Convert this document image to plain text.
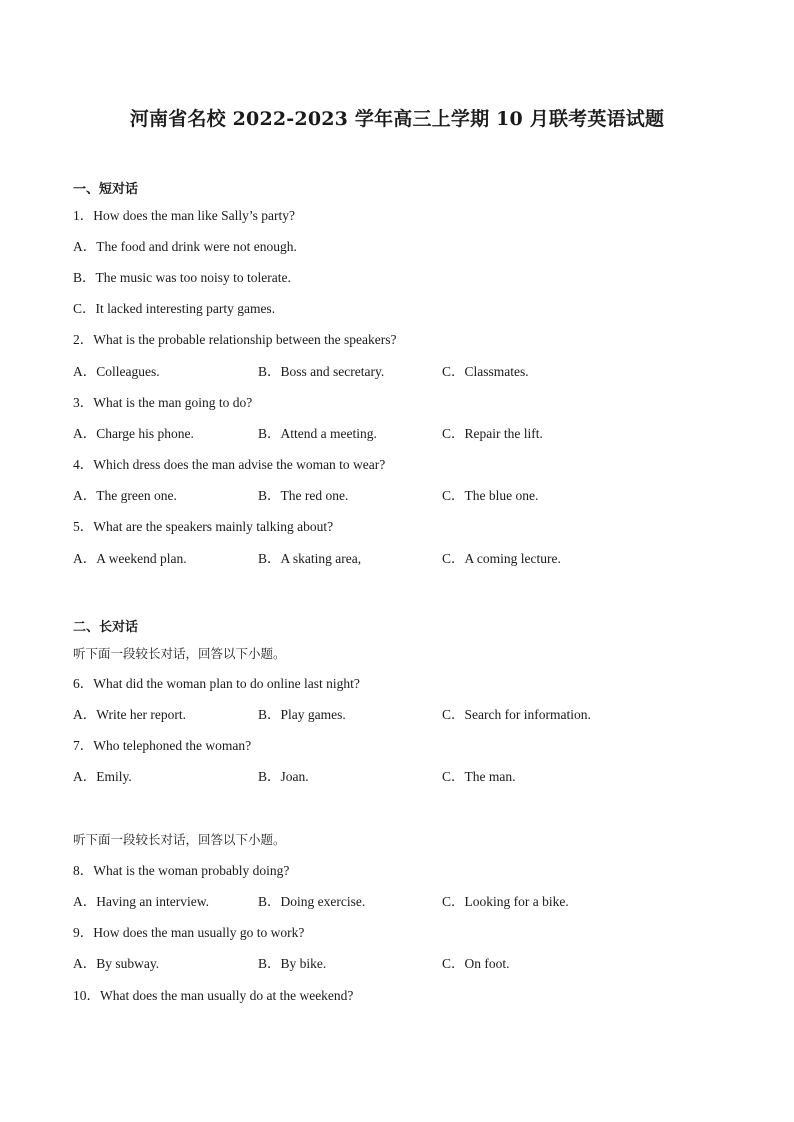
河南省名校 2022-2023 学年高三上学期 10 月联考英语试题
一、短对话
1．How does the man like Sally’s party?
A．The food and drink were not enough.
B．The music was too noisy to tolerate.
C．It lacked interesting party games.
2．What is the probable relationship between the speakers?
A．Colleagues.	B．Boss and secretary.	C．Classmates.
3．What is the man going to do?
A．Charge his phone.	B．Attend a meeting.	C．Repair the lift.
4．Which dress does the man advise the woman to wear?
A．The green one.	B．The red one.	C．The blue one.
5．What are the speakers mainly talking about?
A．A weekend plan.	B．A skating area,	C．A coming lecture.
二、长对话
听下面一段较长对话，回答以下小题。
6．What did the woman plan to do online last night?
A．Write her report.	B．Play games.	C．Search for information.
7．Who telephoned the woman?
A．Emily.	B．Joan.	C．The man.
听下面一段较长对话，回答以下小题。
8．What is the woman probably doing?
A．Having an interview.	B．Doing exercise.	C．Looking for a bike.
9．How does the man usually go to work?
A．By subway.	B．By bike.	C．On foot.
10．What does the man usually do at the weekend?
